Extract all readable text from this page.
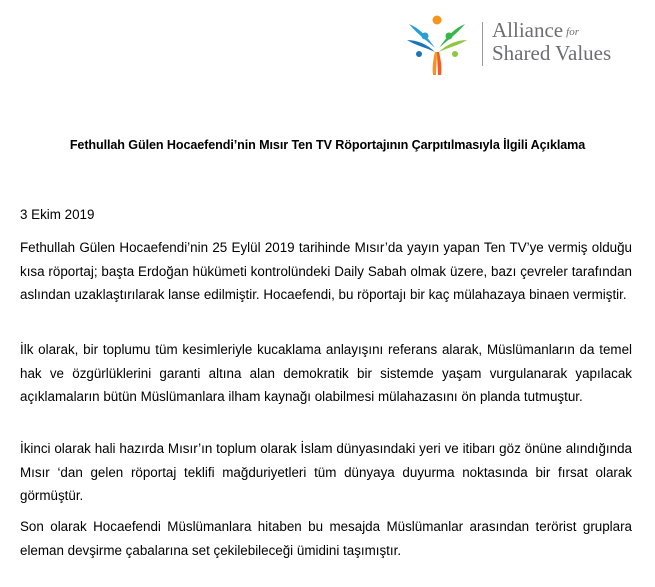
Alliance for
Shared Values
Fethullah Gülen Hocaefendi’nin Mısır Ten TV Röportajının Çarpıtılmasıyla İlgili Açıklama
3 Ekim 2019

Fethullah Gülen Hocaefendi’nin 25 Eylül 2019 tarihinde Mısır’da yayın yapan Ten TV’ye vermiş olduğu kısa röportaj; başta Erdoğan hükümeti kontrolündeki Daily Sabah olmak üzere, bazı çevreler tarafından aslından uzaklaştırılarak lanse edilmiştir. Hocaefendi, bu röportajı bir kaç mülahazaya binaen vermiştir.

İlk olarak, bir toplumu tüm kesimleriyle kucaklama anlayışını referans alarak, Müslümanların da temel hak ve özgürlüklerini garanti altına alan demokratik bir sistemde yaşam vurgulanarak yapılacak açıklamaların bütün Müslümanlara ilham kaynağı olabilmesi mülahazasını ön planda tutmuştur.

İkinci olarak hali hazırda Mısır’ın toplum olarak İslam dünyasındaki yeri ve itibarı göz önüne alındığında Mısır ‘dan gelen röportaj teklifi mağduriyetleri tüm dünyaya duyurma noktasında bir fırsat olarak görmüştür.

Son olarak Hocaefendi Müslümanlara hitaben bu mesajda Müslümanlar arasından terörist gruplara eleman devşirme çabalarına set çekilebileceği ümidini taşımıştır.
